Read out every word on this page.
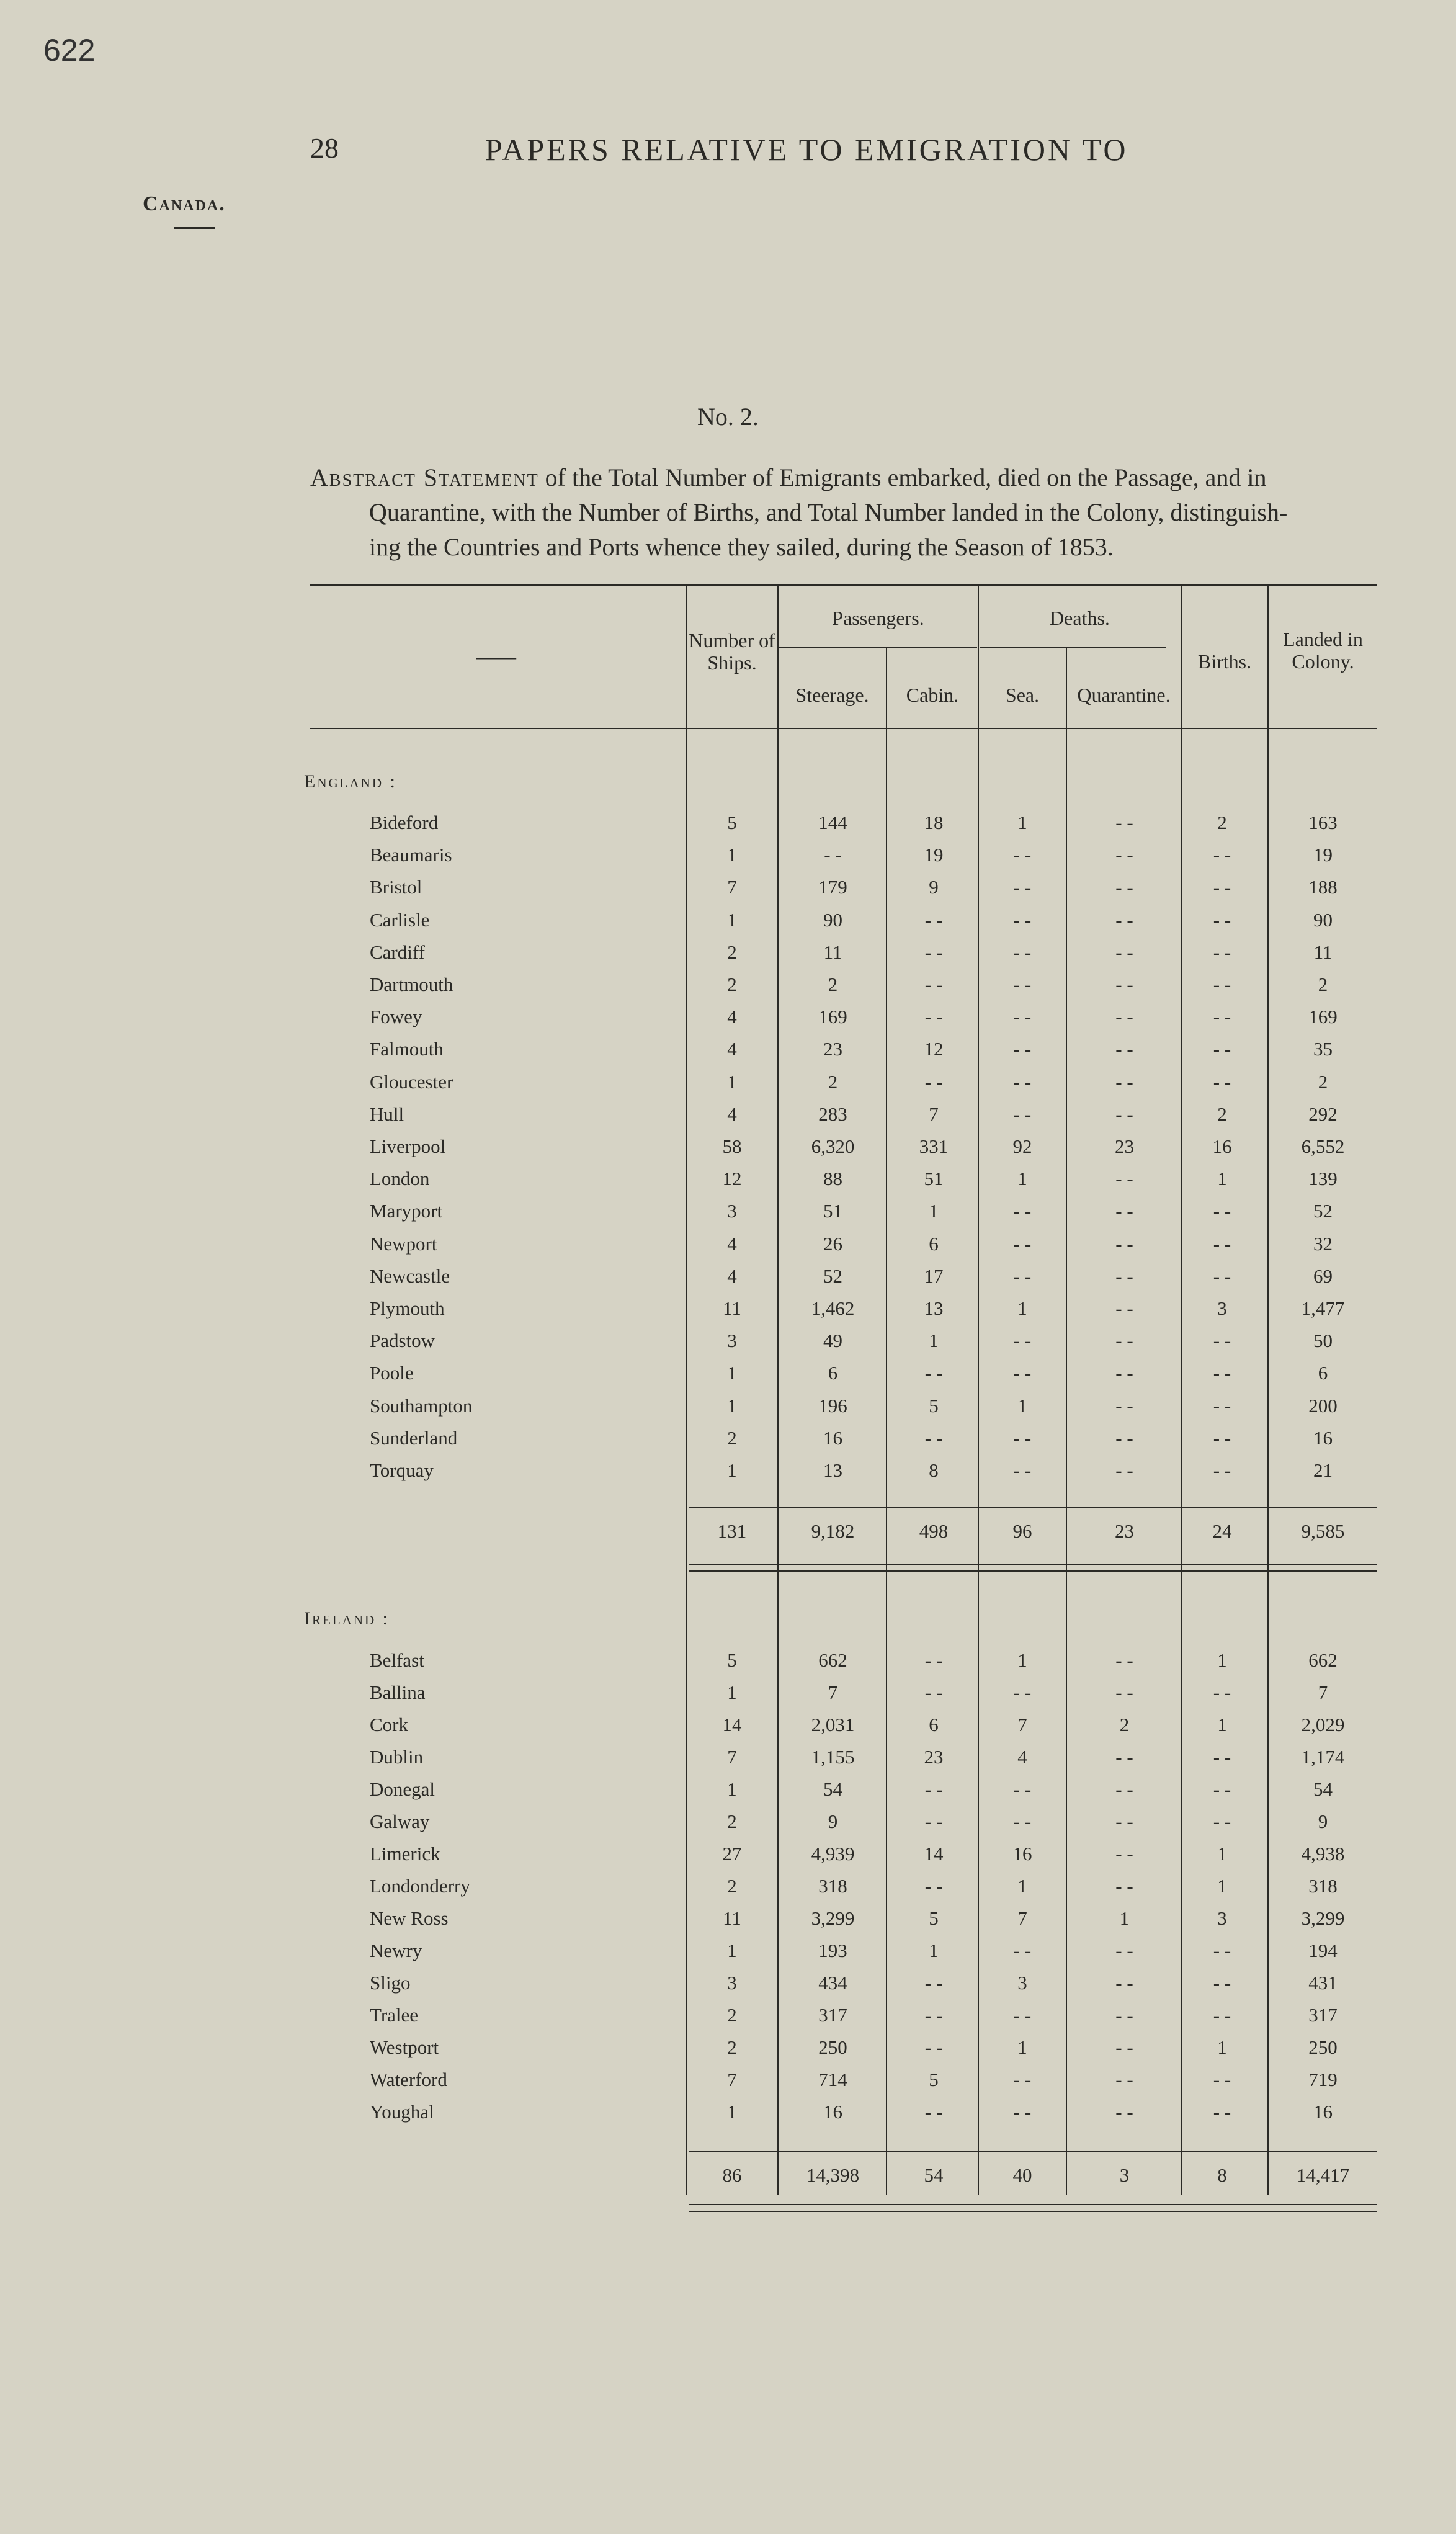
622
28	PAPERS RELATIVE TO EMIGRATION TO
Canada.
No. 2.
Abstract Statement of the Total Number of Emigrants embarked, died on the Passage, and in
Quarantine, with the Number of Births, and Total Number landed in the Colony, distinguish-
ing the Countries and Ports whence they sailed, during the Season of 1853.
——
Number of Ships.
Passengers.	Deaths.
Steerage.	Cabin.	Sea.	Quarantine.
Births.
Landed in Colony.
England :
Bideford	5	144	18	1	- -	2	163
Beaumaris	1	- -	19	- -	- -	- -	19
Bristol	7	179	9	- -	- -	- -	188
Carlisle	1	90	- -	- -	- -	- -	90
Cardiff	2	11	- -	- -	- -	- -	11
Dartmouth	2	2	- -	- -	- -	- -	2
Fowey	4	169	- -	- -	- -	- -	169
Falmouth	4	23	12	- -	- -	- -	35
Gloucester	1	2	- -	- -	- -	- -	2
Hull	4	283	7	- -	- -	2	292
Liverpool	58	6,320	331	92	23	16	6,552
London	12	88	51	1	- -	1	139
Maryport	3	51	1	- -	- -	- -	52
Newport	4	26	6	- -	- -	- -	32
Newcastle	4	52	17	- -	- -	- -	69
Plymouth	11	1,462	13	1	- -	3	1,477
Padstow	3	49	1	- -	- -	- -	50
Poole	1	6	- -	- -	- -	- -	6
Southampton	1	196	5	1	- -	- -	200
Sunderland	2	16	- -	- -	- -	- -	16
Torquay	1	13	8	- -	- -	- -	21
131	9,182	498	96	23	24	9,585
Ireland :
Belfast	5	662	- -	1	- -	1	662
Ballina	1	7	- -	- -	- -	- -	7
Cork	14	2,031	6	7	2	1	2,029
Dublin	7	1,155	23	4	- -	- -	1,174
Donegal	1	54	- -	- -	- -	- -	54
Galway	2	9	- -	- -	- -	- -	9
Limerick	27	4,939	14	16	- -	1	4,938
Londonderry	2	318	- -	1	- -	1	318
New Ross	11	3,299	5	7	1	3	3,299
Newry	1	193	1	- -	- -	- -	194
Sligo	3	434	- -	3	- -	- -	431
Tralee	2	317	- -	- -	- -	- -	317
Westport	2	250	- -	1	- -	1	250
Waterford	7	714	5	- -	- -	- -	719
Youghal	1	16	- -	- -	- -	- -	16
86	14,398	54	40	3	8	14,417
